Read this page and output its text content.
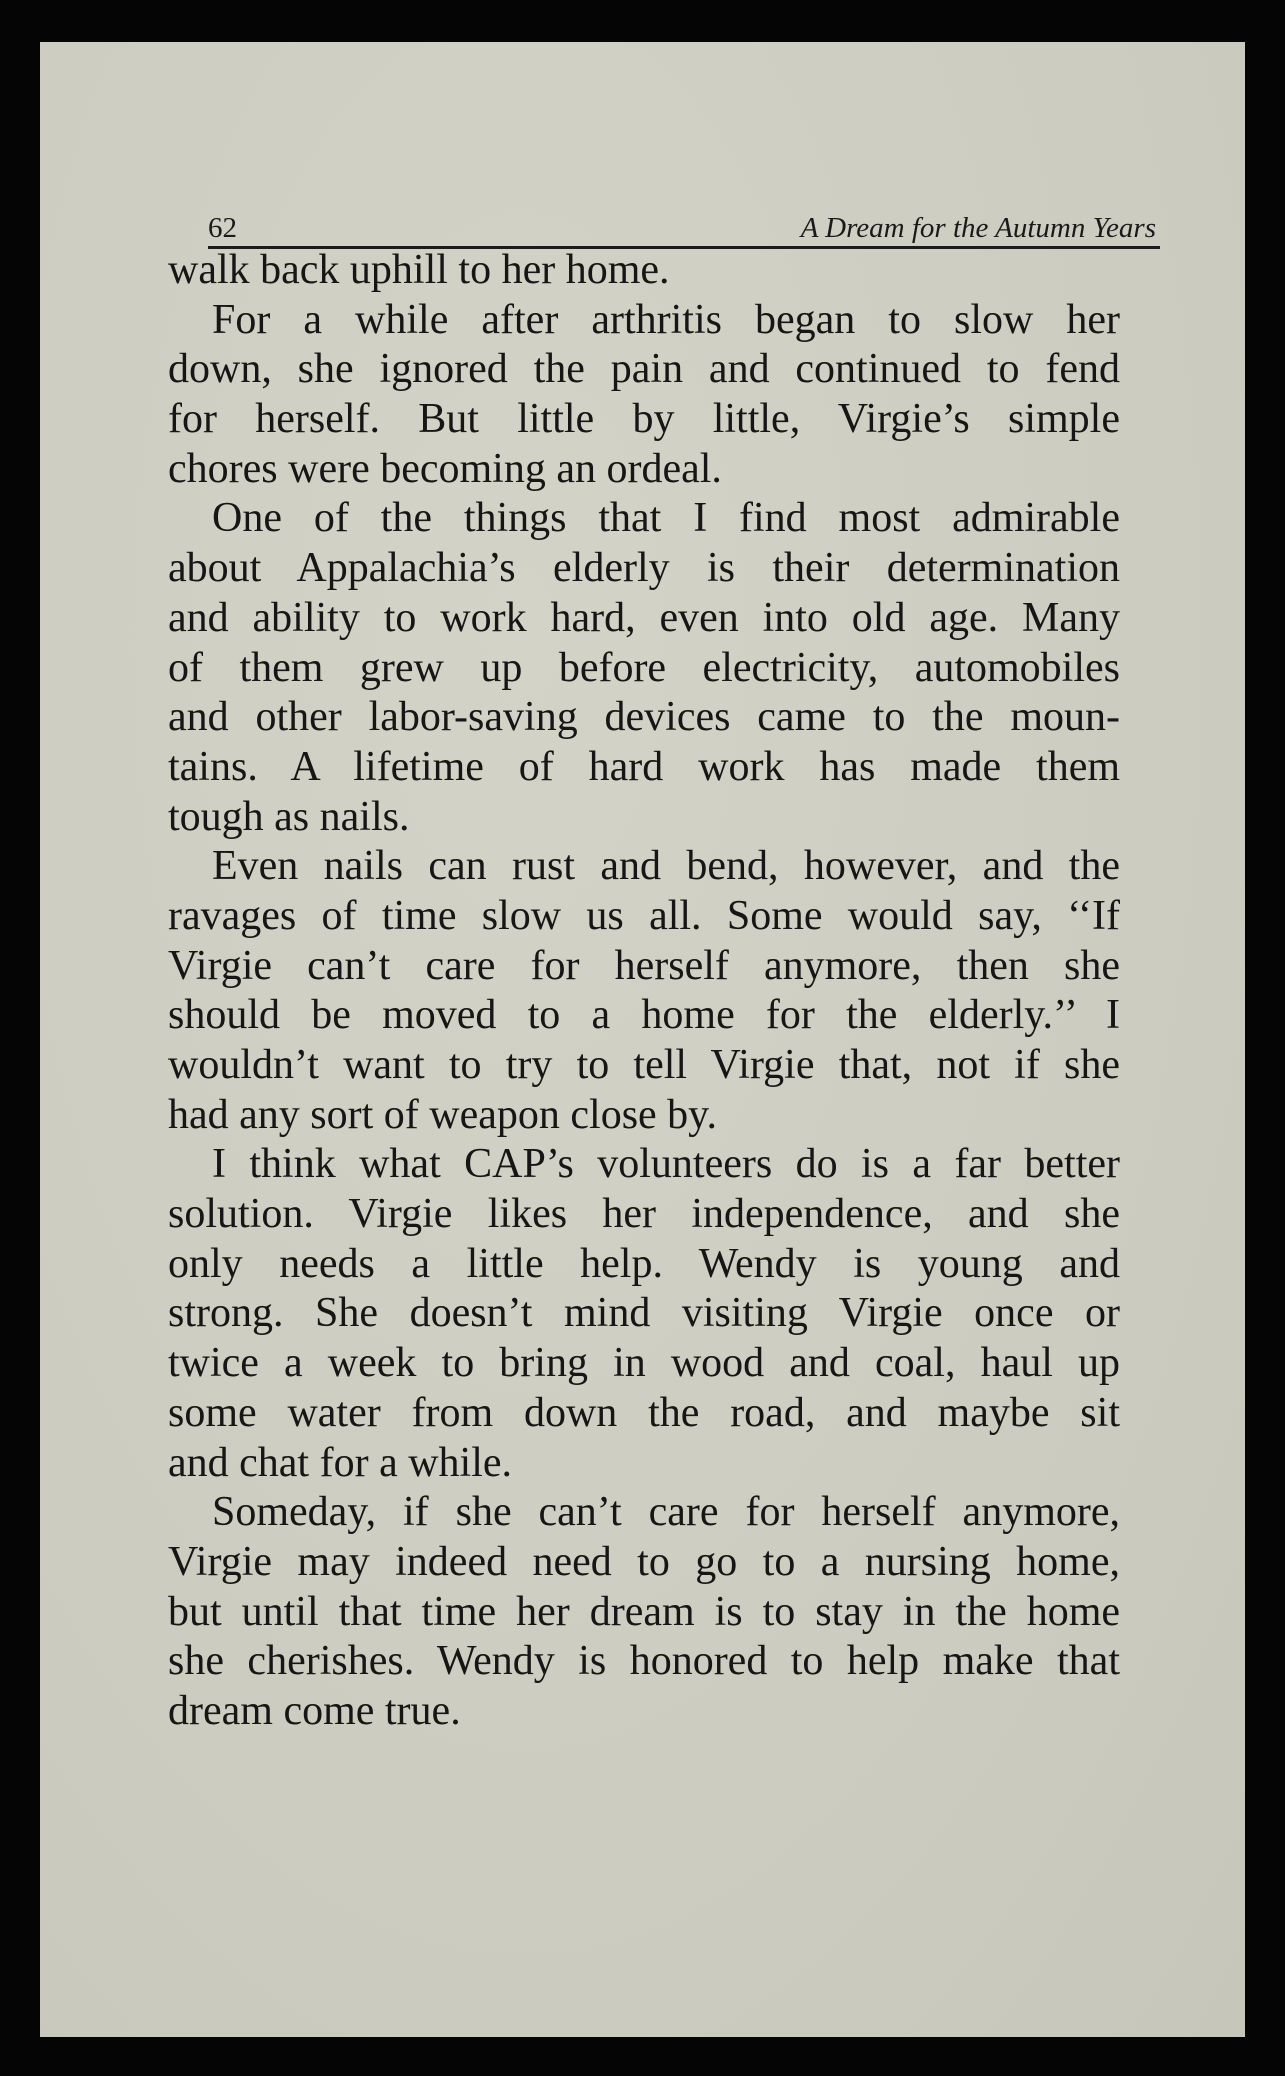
62	A Dream for the Autumn Years
walk back uphill to her home.
For a while after arthritis began to slow her
down, she ignored the pain and continued to fend
for herself. But little by little, Virgie’s simple
chores were becoming an ordeal.
One of the things that I find most admirable
about Appalachia’s elderly is their determination
and ability to work hard, even into old age. Many
of them grew up before electricity, automobiles
and other labor-saving devices came to the moun-
tains. A lifetime of hard work has made them
tough as nails.
Even nails can rust and bend, however, and the
ravages of time slow us all. Some would say, ‘‘If
Virgie can’t care for herself anymore, then she
should be moved to a home for the elderly.’’ I
wouldn’t want to try to tell Virgie that, not if she
had any sort of weapon close by.
I think what CAP’s volunteers do is a far better
solution. Virgie likes her independence, and she
only needs a little help. Wendy is young and
strong. She doesn’t mind visiting Virgie once or
twice a week to bring in wood and coal, haul up
some water from down the road, and maybe sit
and chat for a while.
Someday, if she can’t care for herself anymore,
Virgie may indeed need to go to a nursing home,
but until that time her dream is to stay in the home
she cherishes. Wendy is honored to help make that
dream come true.
